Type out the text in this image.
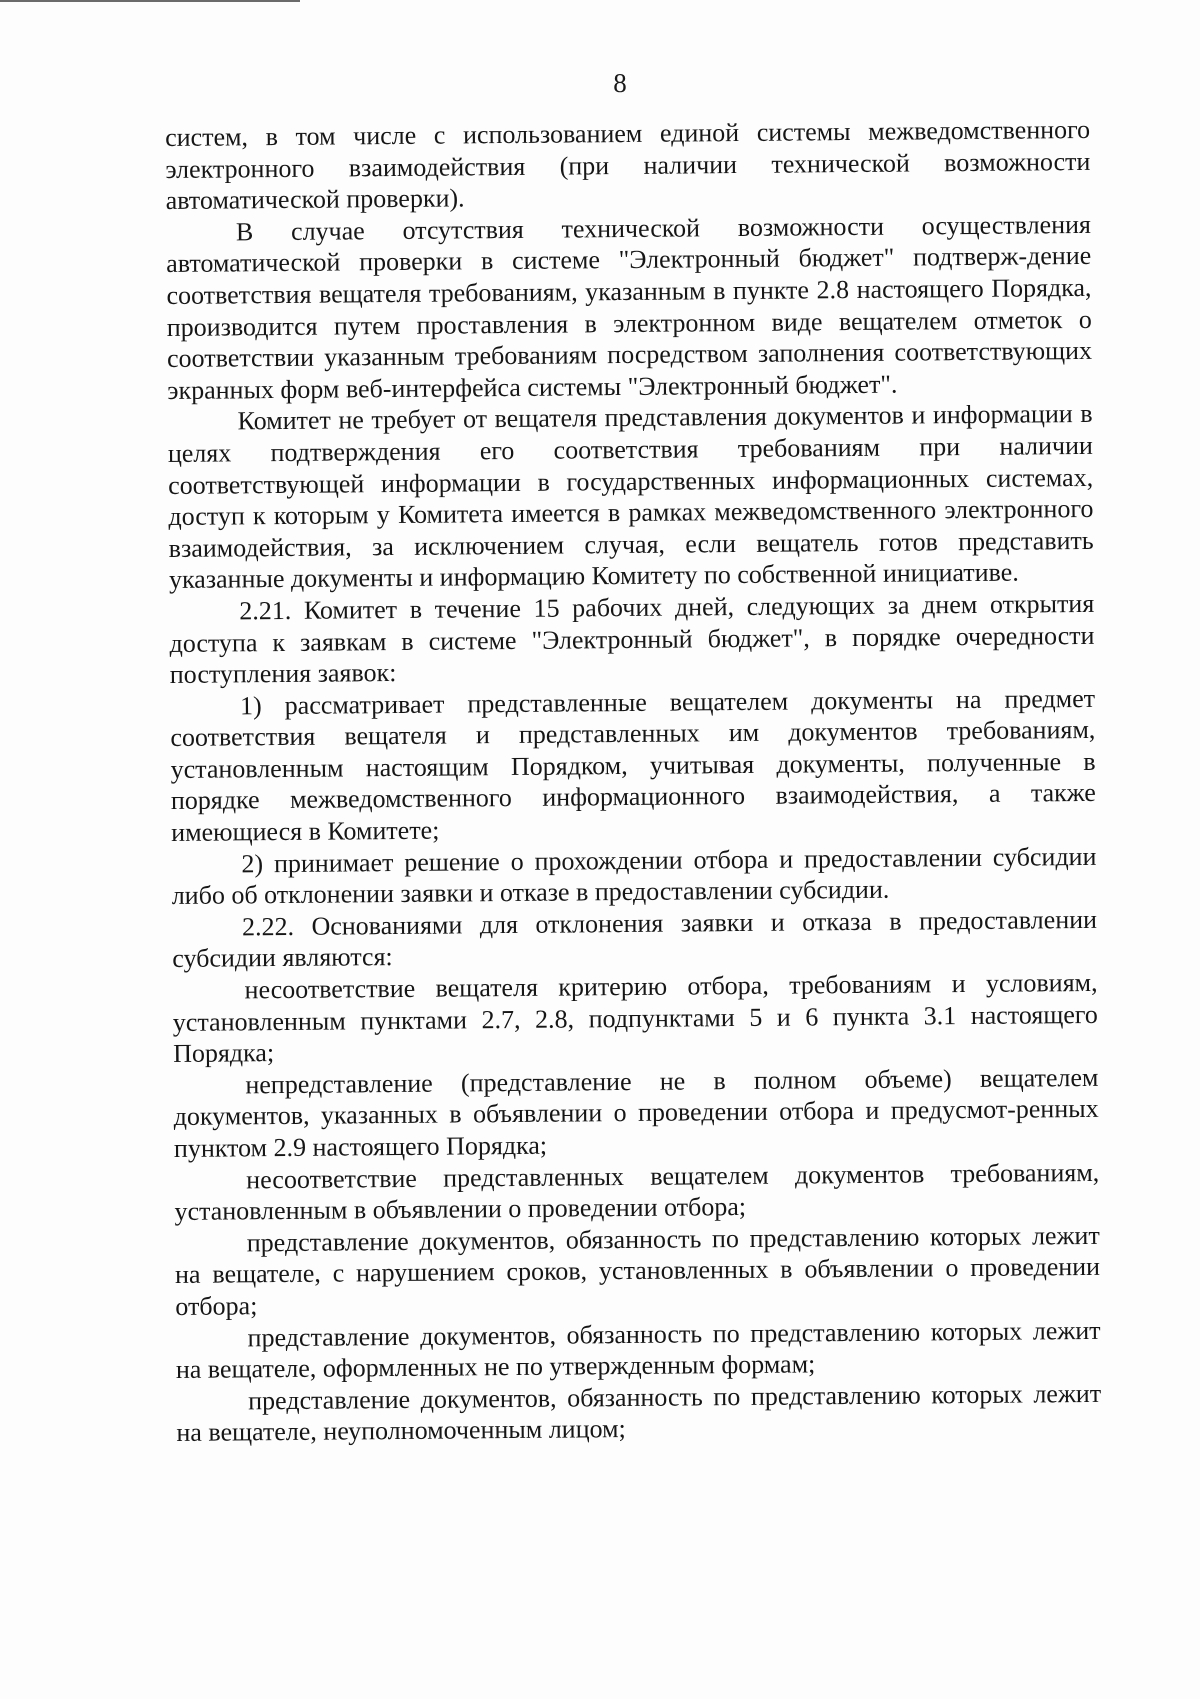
8

систем, в том числе с использованием единой системы межведомственного электронного взаимодействия (при наличии технической возможности автоматической проверки).

В случае отсутствия технической возможности осуществления автоматической проверки в системе "Электронный бюджет" подтверж-дение соответствия вещателя требованиям, указанным в пункте 2.8 настоящего Порядка, производится путем проставления в электронном виде вещателем отметок о соответствии указанным требованиям посредством заполнения соответствующих экранных форм веб-интерфейса системы "Электронный бюджет".

Комитет не требует от вещателя представления документов и информации в целях подтверждения его соответствия требованиям при наличии соответствующей информации в государственных информационных системах, доступ к которым у Комитета имеется в рамках межведомственного электронного взаимодействия, за исключением случая, если вещатель готов представить указанные документы и информацию Комитету по собственной инициативе.

2.21. Комитет в течение 15 рабочих дней, следующих за днем открытия доступа к заявкам в системе "Электронный бюджет", в порядке очередности поступления заявок:

1) рассматривает представленные вещателем документы на предмет соответствия вещателя и представленных им документов требованиям, установленным настоящим Порядком, учитывая документы, полученные в порядке межведомственного информационного взаимодействия, а также имеющиеся в Комитете;

2) принимает решение о прохождении отбора и предоставлении субсидии либо об отклонении заявки и отказе в предоставлении субсидии.

2.22. Основаниями для отклонения заявки и отказа в предоставлении субсидии являются:

несоответствие вещателя критерию отбора, требованиям и условиям, установленным пунктами 2.7, 2.8, подпунктами 5 и 6 пункта 3.1 настоящего Порядка;

непредставление (представление не в полном объеме) вещателем документов, указанных в объявлении о проведении отбора и предусмот-ренных пунктом 2.9 настоящего Порядка;

несоответствие представленных вещателем документов требованиям, установленным в объявлении о проведении отбора;

представление документов, обязанность по представлению которых лежит на вещателе, с нарушением сроков, установленных в объявлении о проведении отбора;

представление документов, обязанность по представлению которых лежит на вещателе, оформленных не по утвержденным формам;

представление документов, обязанность по представлению которых лежит на вещателе, неуполномоченным лицом;
